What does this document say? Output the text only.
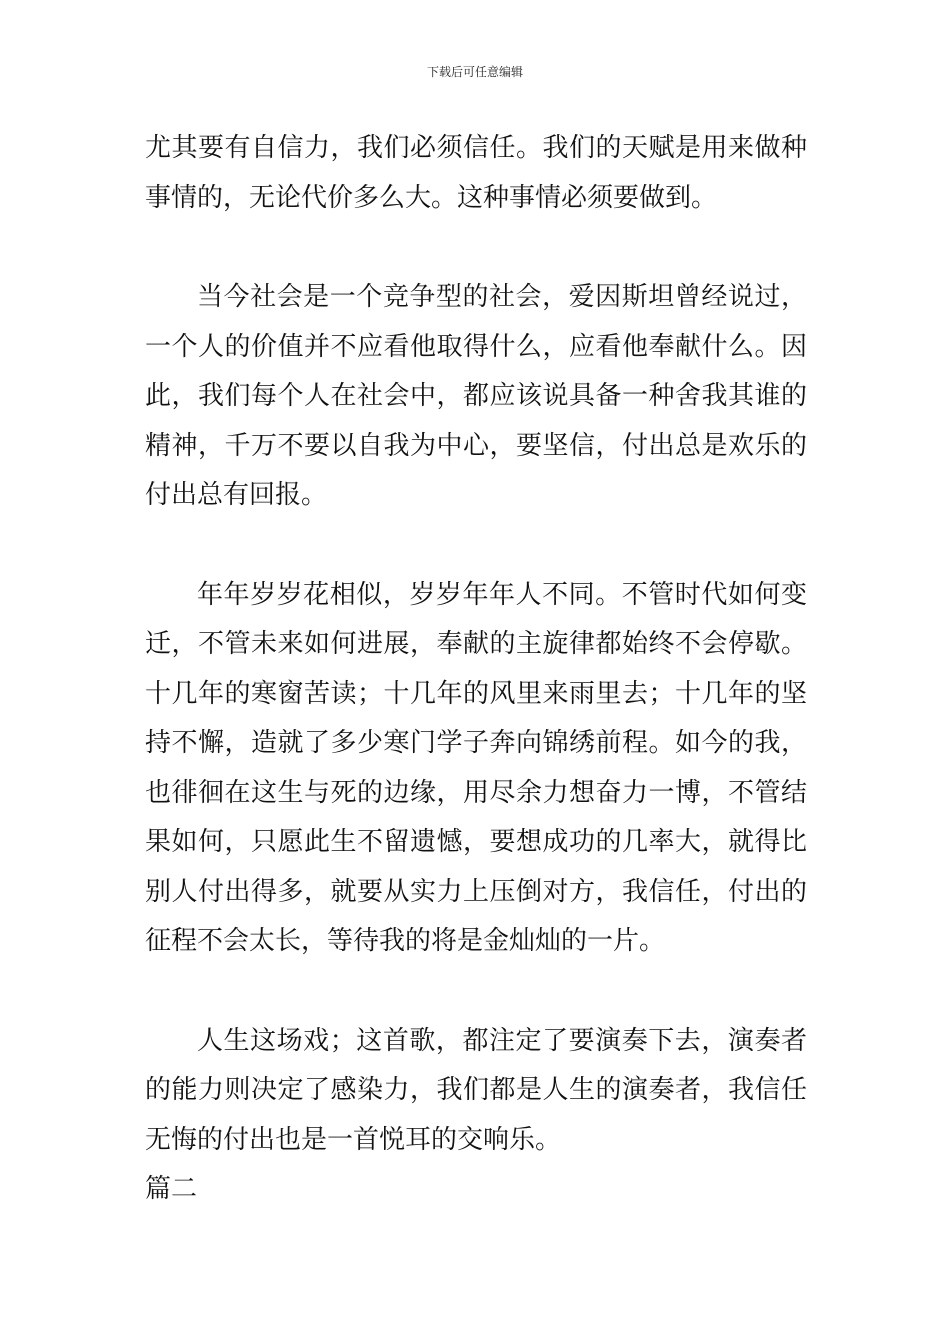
下载后可任意编辑

尤其要有自信力，我们必须信任。我们的天赋是用来做种事情的，无论代价多么大。这种事情必须要做到。

当今社会是一个竞争型的社会，爱因斯坦曾经说过，一个人的价值并不应看他取得什么，应看他奉献什么。因此，我们每个人在社会中，都应该说具备一种舍我其谁的精神，千万不要以自我为中心，要坚信，付出总是欢乐的付出总有回报。

年年岁岁花相似，岁岁年年人不同。不管时代如何变迁，不管未来如何进展，奉献的主旋律都始终不会停歇。十几年的寒窗苦读；十几年的风里来雨里去；十几年的坚持不懈，造就了多少寒门学子奔向锦绣前程。如今的我，也徘徊在这生与死的边缘，用尽余力想奋力一博，不管结果如何，只愿此生不留遗憾，要想成功的几率大，就得比别人付出得多，就要从实力上压倒对方，我信任，付出的征程不会太长，等待我的将是金灿灿的一片。

人生这场戏；这首歌，都注定了要演奏下去，演奏者的能力则决定了感染力，我们都是人生的演奏者，我信任无悔的付出也是一首悦耳的交响乐。

篇二
